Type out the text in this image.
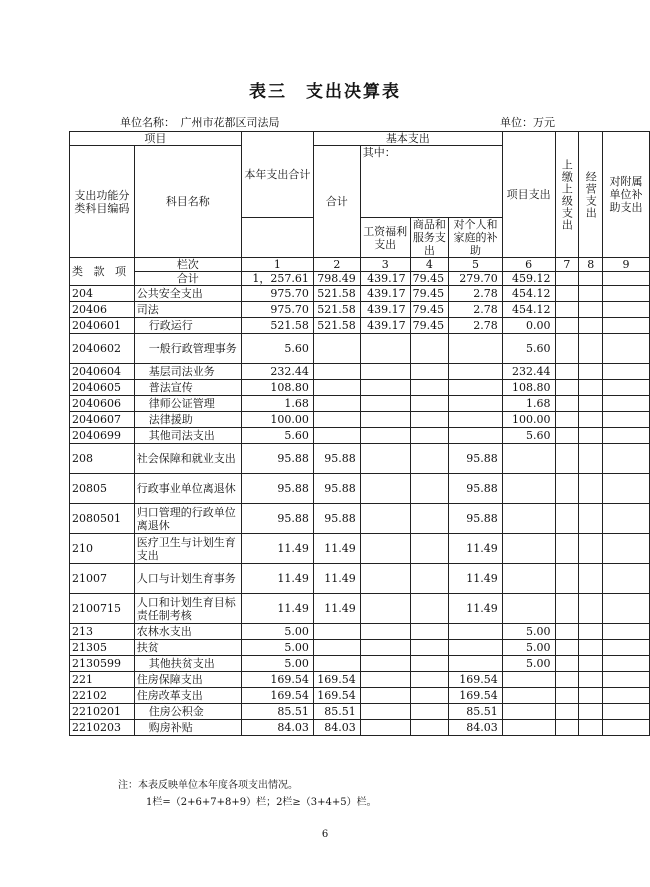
表三　支出决算表
单位名称：　广州市花都区司法局	单位：万元
项目		本年支出合计	基本支出				项目支出	上缴上级支出	经营支出	对附属单位补助支出
支出功能分类科目编码	科目名称		合计	其中：						
				工资福利支出	商品和服务支出	对个人和家庭的补助				
类 款 项	栏次	1	2	3	4	5	6	7	8	9
	合计	1，257.61	798.49	439.17	79.45	279.70	459.12			
204	公共安全支出	975.70	521.58	439.17	79.45	2.78	454.12			
20406	司法	975.70	521.58	439.17	79.45	2.78	454.12			
2040601	行政运行	521.58	521.58	439.17	79.45	2.78	0.00			
2040602	一般行政管理事务	5.60					5.60			
2040604	基层司法业务	232.44					232.44			
2040605	普法宣传	108.80					108.80			
2040606	律师公证管理	1.68					1.68			
2040607	法律援助	100.00					100.00			
2040699	其他司法支出	5.60					5.60			
208	社会保障和就业支出	95.88	95.88			95.88				
20805	行政事业单位离退休	95.88	95.88			95.88				
2080501	归口管理的行政单位离退休	95.88	95.88			95.88				
210	医疗卫生与计划生育支出	11.49	11.49			11.49				
21007	人口与计划生育事务	11.49	11.49			11.49				
2100715	人口和计划生育目标责任制考核	11.49	11.49			11.49				
213	农林水支出	5.00					5.00			
21305	扶贫	5.00					5.00			
2130599	其他扶贫支出	5.00					5.00			
221	住房保障支出	169.54	169.54			169.54				
22102	住房改革支出	169.54	169.54			169.54				
2210201	住房公积金	85.51	85.51			85.51				
2210203	购房补贴	84.03	84.03			84.03				
注：本表反映单位本年度各项支出情况。
1栏=（2+6+7+8+9）栏；2栏≥（3+4+5）栏。
6
